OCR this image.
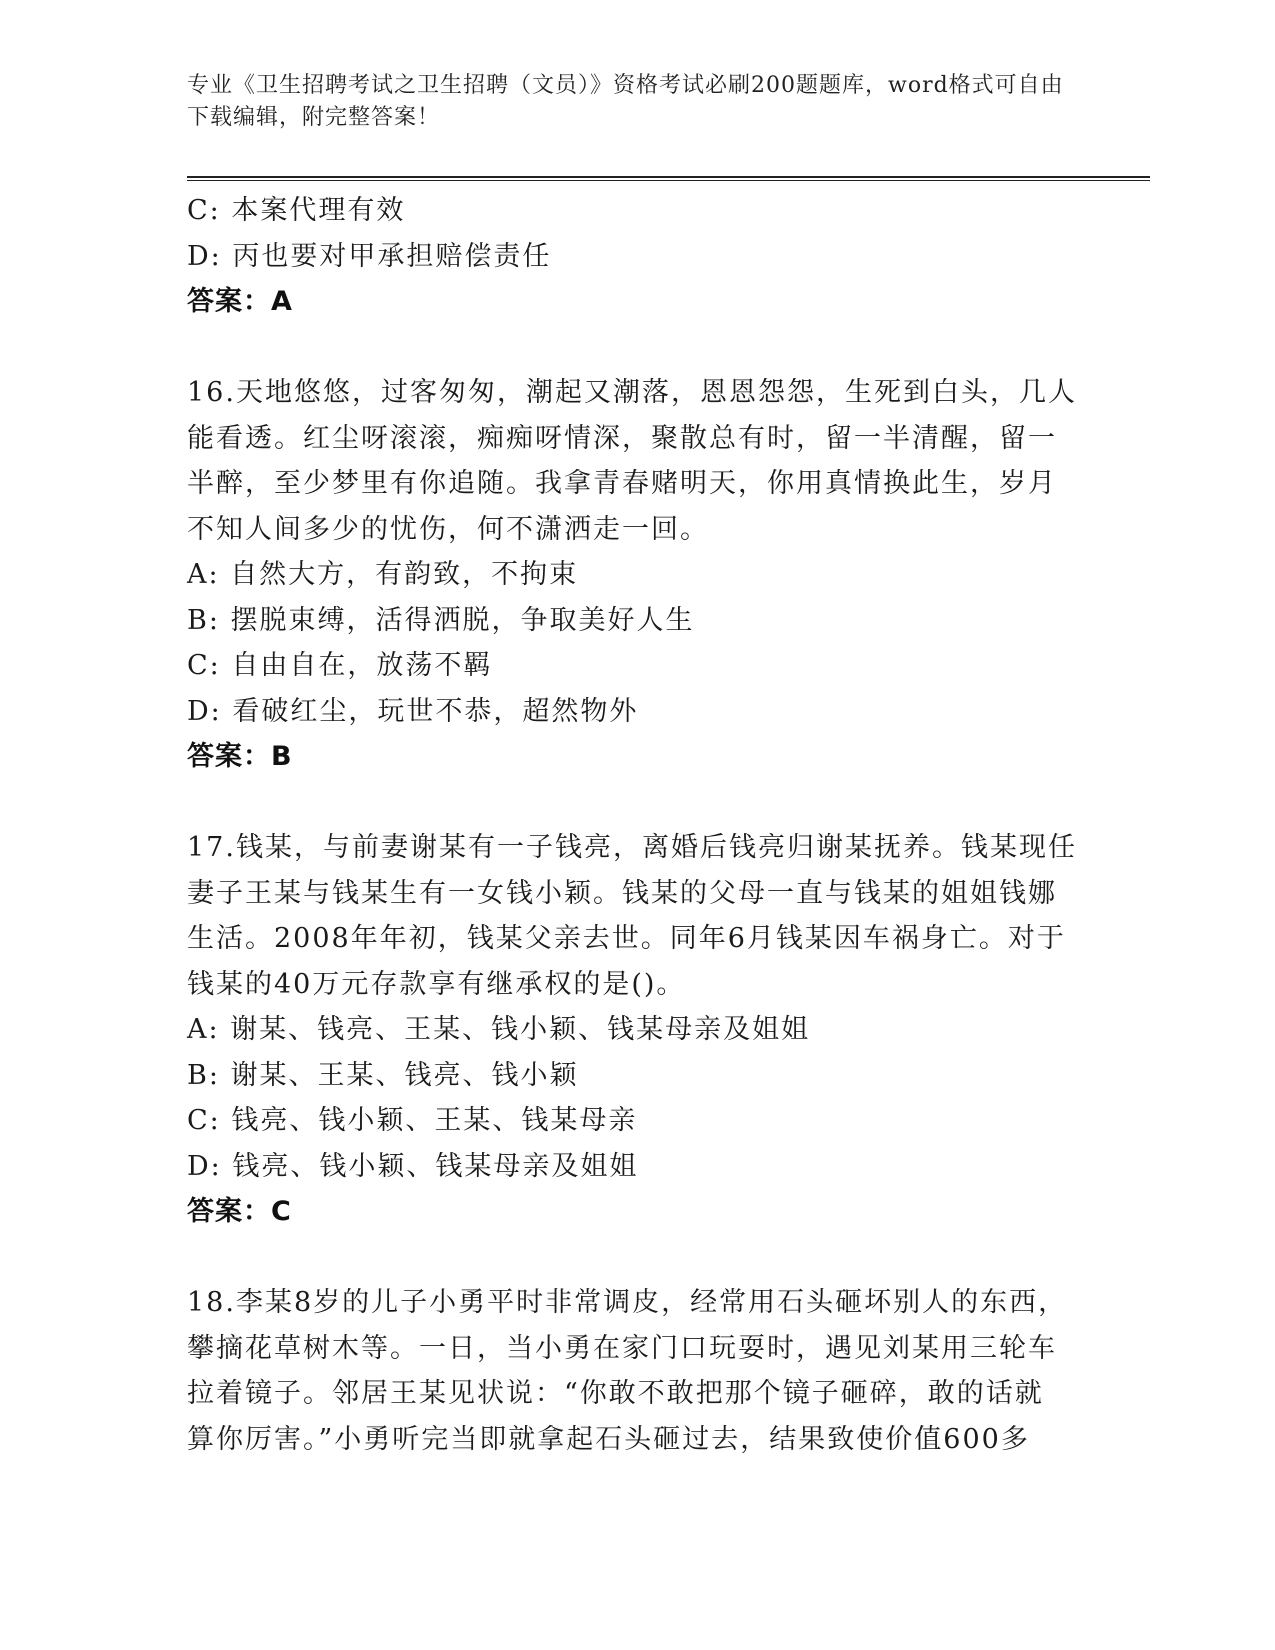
专业《卫生招聘考试之卫生招聘（文员）》资格考试必刷200题题库，word格式可自由下载编辑，附完整答案！
C: 本案代理有效
D: 丙也要对甲承担赔偿责任
答案：A
16.天地悠悠，过客匆匆，潮起又潮落，恩恩怨怨，生死到白头，几人
能看透。红尘呀滚滚，痴痴呀情深，聚散总有时，留一半清醒，留一
半醉，至少梦里有你追随。我拿青春赌明天，你用真情换此生，岁月
不知人间多少的忧伤，何不潇洒走一回。
A: 自然大方，有韵致，不拘束
B: 摆脱束缚，活得洒脱，争取美好人生
C: 自由自在，放荡不羁
D: 看破红尘，玩世不恭，超然物外
答案：B
17.钱某，与前妻谢某有一子钱亮，离婚后钱亮归谢某抚养。钱某现任
妻子王某与钱某生有一女钱小颖。钱某的父母一直与钱某的姐姐钱娜
生活。2008年年初，钱某父亲去世。同年6月钱某因车祸身亡。对于
钱某的40万元存款享有继承权的是()。
A: 谢某、钱亮、王某、钱小颖、钱某母亲及姐姐
B: 谢某、王某、钱亮、钱小颖
C: 钱亮、钱小颖、王某、钱某母亲
D: 钱亮、钱小颖、钱某母亲及姐姐
答案：C
18.李某8岁的儿子小勇平时非常调皮，经常用石头砸坏别人的东西，
攀摘花草树木等。一日，当小勇在家门口玩耍时，遇见刘某用三轮车
拉着镜子。邻居王某见状说：“你敢不敢把那个镜子砸碎，敢的话就
算你厉害。”小勇听完当即就拿起石头砸过去，结果致使价值600多
